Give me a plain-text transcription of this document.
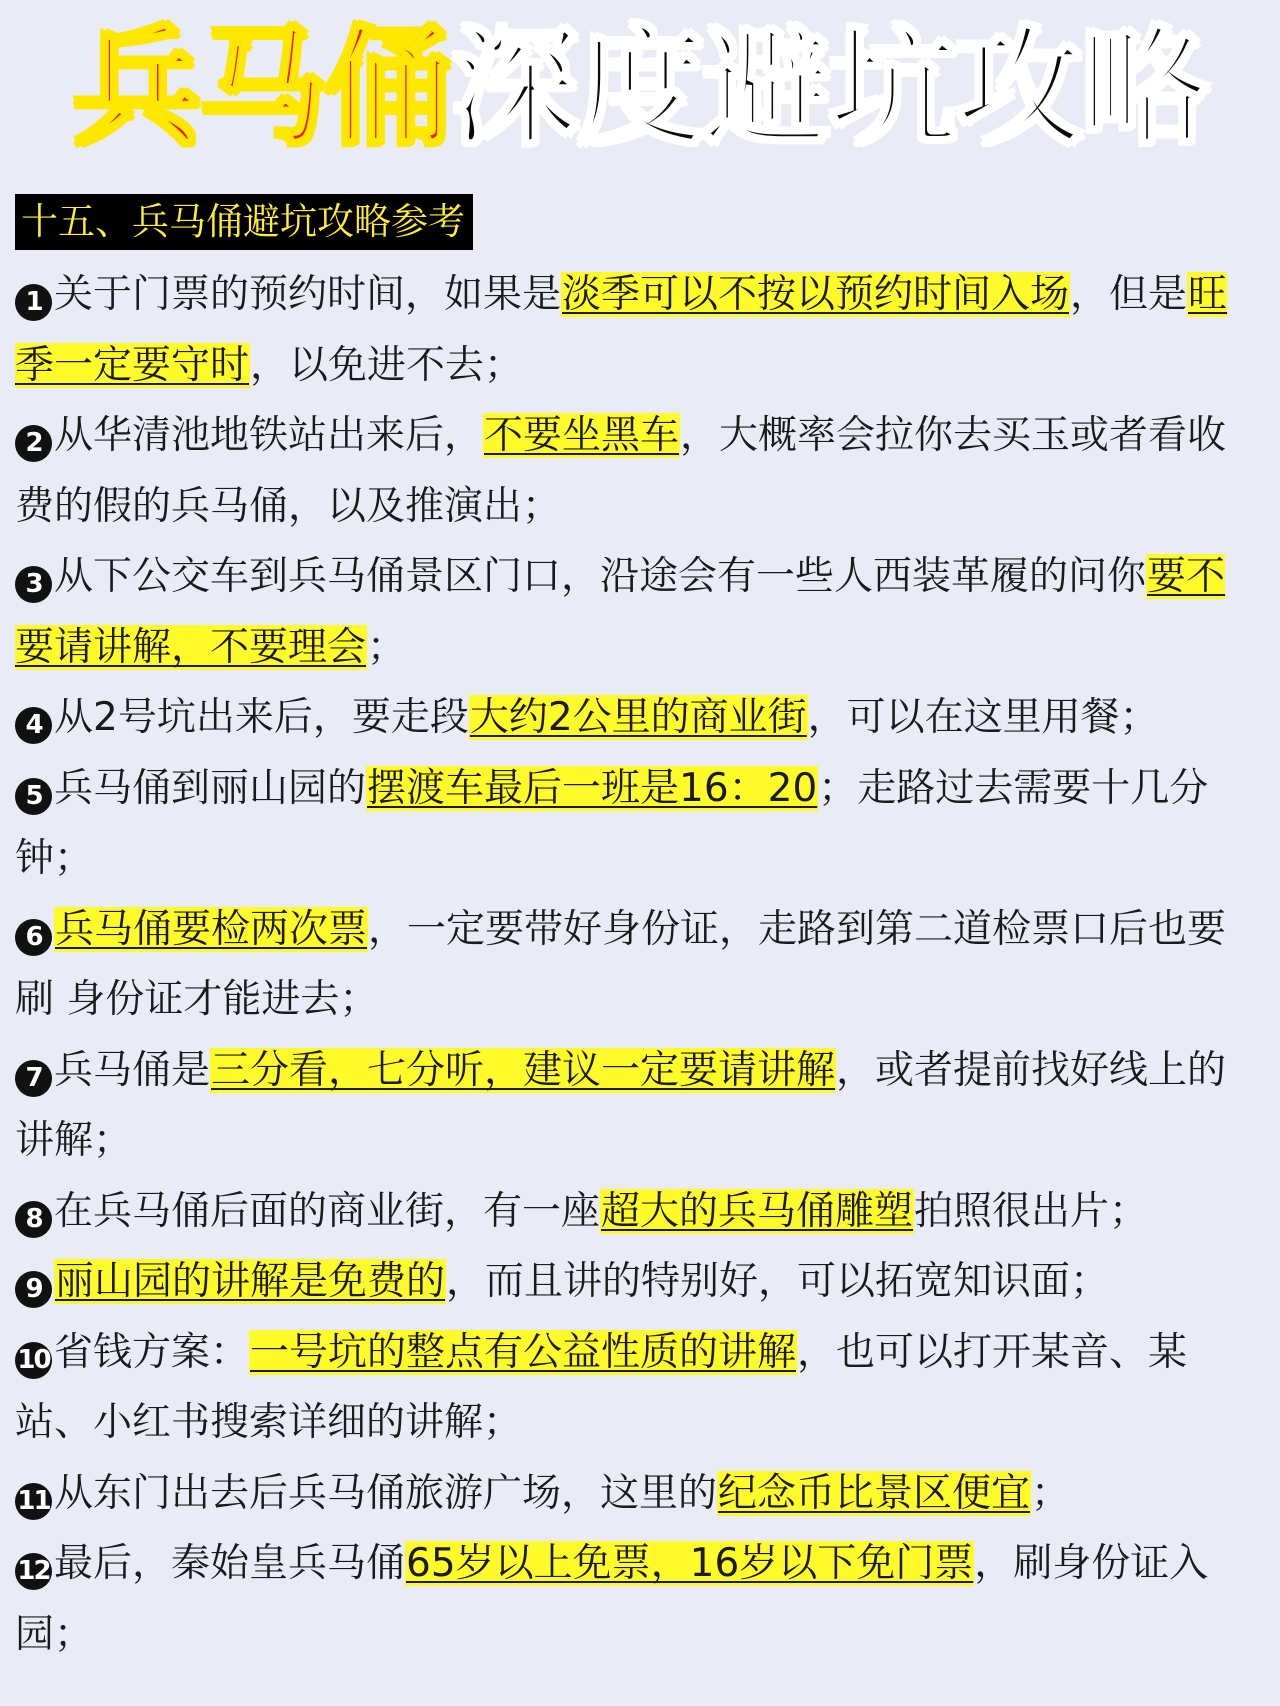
兵马俑深度避坑攻略
十五、兵马俑避坑攻略参考

1 关于门票的预约时间，如果是淡季可以不按以预约时间入场，但是旺季一定要守时，以免进不去；

2 从华清池地铁站出来后，不要坐黑车，大概率会拉你去买玉或者看收费的假的兵马俑，以及推演出；

3 从下公交车到兵马俑景区门口，沿途会有一些人西装革履的问你要不要请讲解，不要理会；

4 从2号坑出来后，要走段大约2公里的商业街，可以在这里用餐；

5 兵马俑到丽山园的摆渡车最后一班是16：20；走路过去需要十几分钟；

6 兵马俑要检两次票，一定要带好身份证，走路到第二道检票口后也要刷 身份证才能进去；

7 兵马俑是三分看，七分听，建议一定要请讲解，或者提前找好线上的讲解；

8 在兵马俑后面的商业街，有一座超大的兵马俑雕塑拍照很出片；

9 丽山园的讲解是免费的，而且讲的特别好，可以拓宽知识面；

10 省钱方案：一号坑的整点有公益性质的讲解，也可以打开某音、某站、小红书搜索详细的讲解；

11 从东门出去后兵马俑旅游广场，这里的纪念币比景区便宜；

12 最后，秦始皇兵马俑65岁以上免票，16岁以下免门票，刷身份证入园；
